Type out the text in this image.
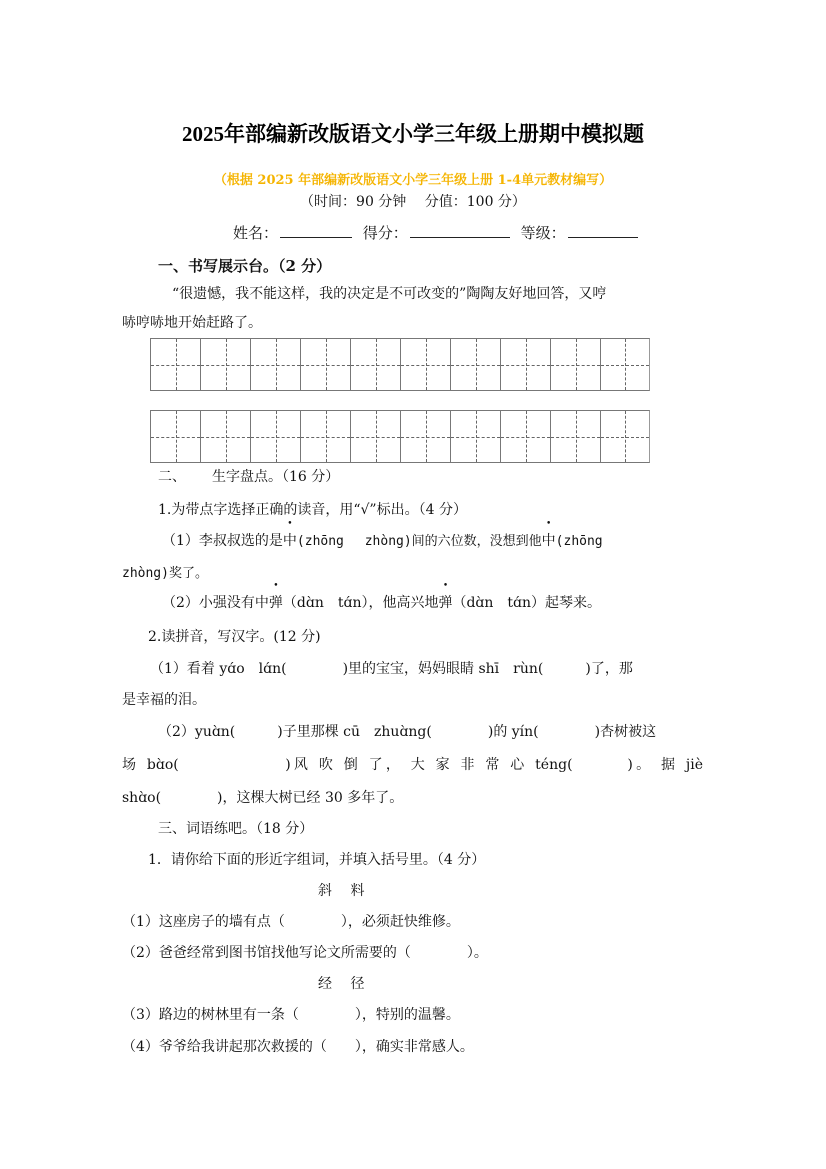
2025年部编新改版语文小学三年级上册期中模拟题
（根据 2025 年部编新改版语文小学三年级上册 1-4单元教材编写）
（时间：90 分钟　 分值：100 分）
姓名：	得分：	等级：
一、书写展示台。（2 分）
“很遗憾，我不能这样，我的决定是不可改变的”陶陶友好地回答，又哼
哧哼哧地开始赶路了。
二、 生字盘点。（16 分）
1.为带点字选择正确的读音，用“√”标出。（4 分）
（1）李叔叔选的是中(zhōng　 zhòng)间的六位数，没想到他中(zhōng
zhòng)奖了。
（2）小强没有中弹（dɑ̀n　tɑ́n），他高兴地弹（dɑ̀n　tɑ́n）起琴来。
2.读拼音，写汉字。(12 分)
（1）看着 yɑ́o　lɑ́n(　　　　)里的宝宝，妈妈眼睛 shī　rùn(　　　)了，那
是幸福的泪。
（2）yuɑ̀n(　　　)子里那棵 cū　zhuɑ̀ng(　　　　)的 yín(　　　　)杏树被这
场 bɑ̀o(　　　　　　)风 吹 倒 了， 大 家 非 常 心 téng(　　　)。 据 jiè
shɑ̀o(　　　　)，这棵大树已经 30 多年了。
三、词语练吧。（18 分）
1．请你给下面的形近字组词，并填入括号里。（4 分）
斜　 料
（1）这座房子的墙有点（　　　　），必须赶快维修。
（2）爸爸经常到图书馆找他写论文所需要的（　　　　）。
经　 径
（3）路边的树林里有一条（　　　　），特别的温馨。
（4）爷爷给我讲起那次救援的（　　），确实非常感人。
